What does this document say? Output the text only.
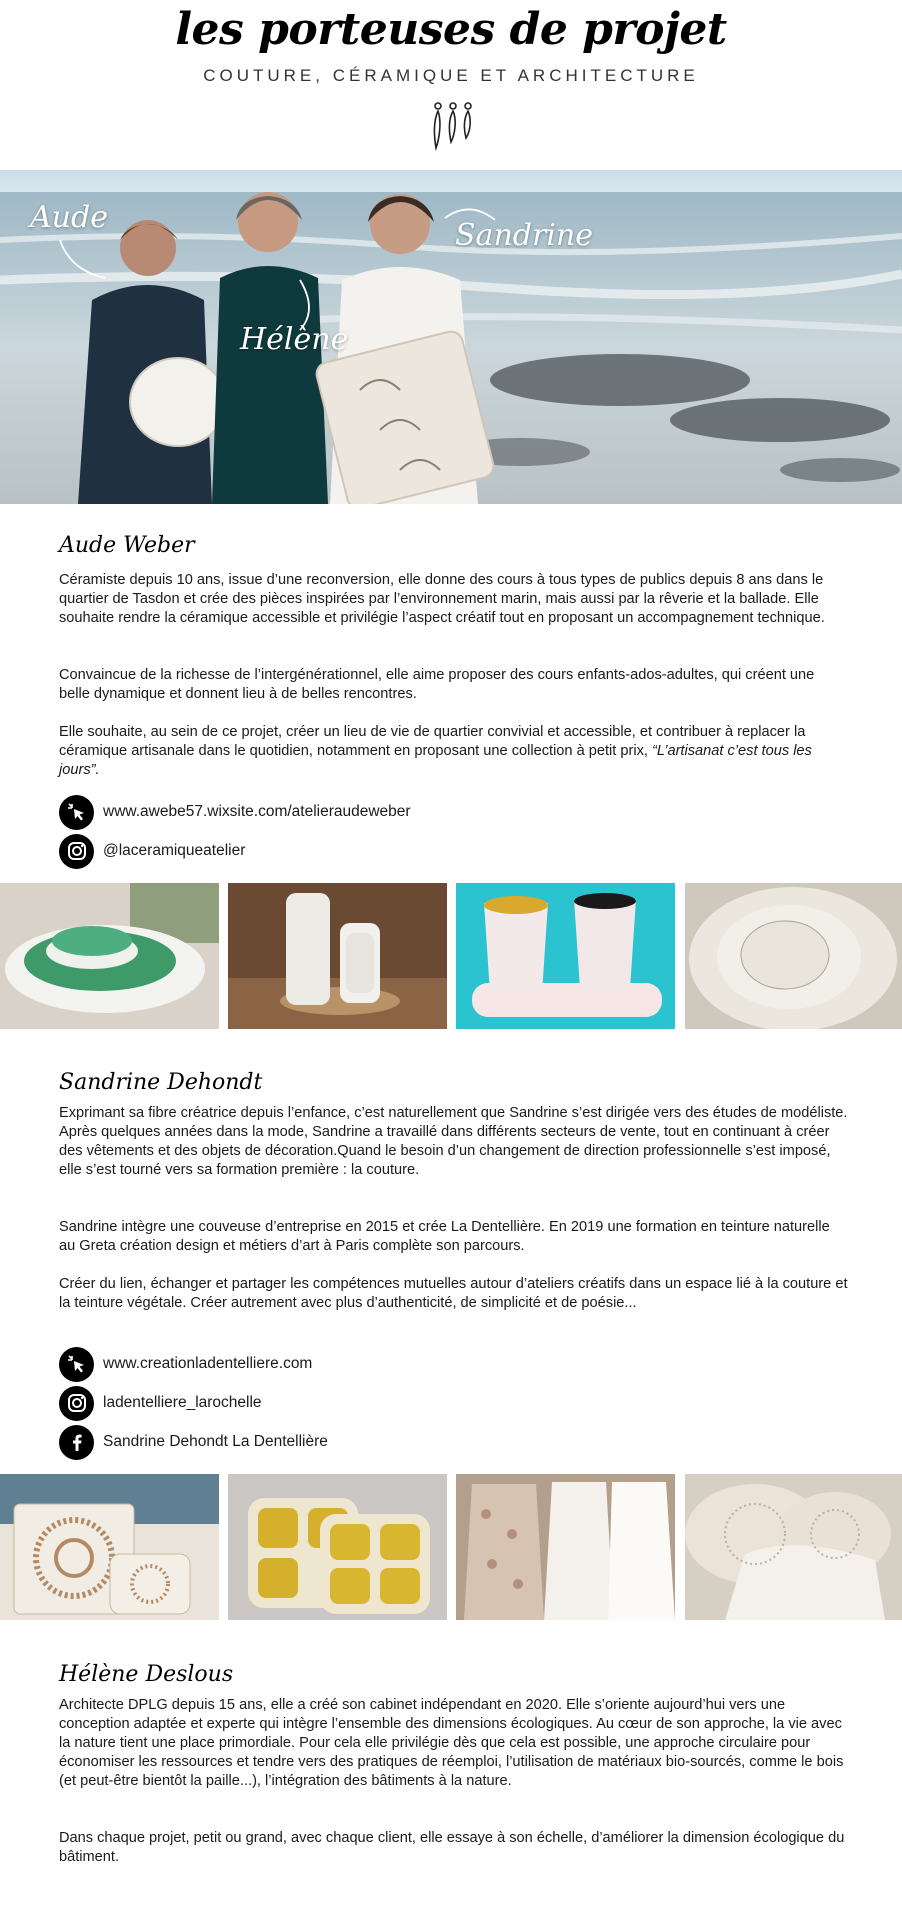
les porteuses de projet
COUTURE, CÉRAMIQUE ET ARCHITECTURE
Aude
Hélène
Sandrine
Aude Weber

Céramiste depuis 10 ans, issue d’une reconversion, elle donne des cours à tous types de publics depuis 8 ans dans le quartier de Tasdon et crée des pièces inspirées par l’environnement marin, mais aussi par la rêverie et la ballade. Elle souhaite rendre la céramique accessible et privilégie l’aspect créatif tout en proposant un accompagnement technique.

Convaincue de la richesse de l’intergénérationnel, elle aime proposer des cours enfants-ados-adultes, qui créent une belle dynamique et donnent lieu à de belles rencontres.

Elle souhaite, au sein de ce projet, créer un lieu de vie de quartier convivial et accessible, et contribuer à replacer la céramique artisanale dans le quotidien, notamment en proposant une collection à petit prix, “L’artisanat c’est tous les jours”.

www.awebe57.wixsite.com/atelieraudeweber
@laceramiqueatelier
Sandrine Dehondt

Exprimant sa fibre créatrice depuis l’enfance, c’est naturellement que Sandrine s’est dirigée vers des études de modéliste. Après quelques années dans la mode, Sandrine a travaillé dans différents secteurs de vente, tout en continuant à créer des vêtements et des objets de décoration.Quand le besoin d’un changement de direction professionnelle s’est imposé, elle s’est tourné vers sa formation première : la couture.

Sandrine intègre une couveuse d’entreprise en 2015 et crée La Dentellière. En 2019 une formation en teinture naturelle au Greta création design et métiers d’art à Paris complète son parcours.

Créer du lien, échanger et partager les compétences mutuelles autour d’ateliers créatifs dans un espace lié à la couture et la teinture végétale. Créer autrement avec plus d’authenticité, de simplicité et de poésie...

www.creationladentelliere.com
ladentelliere_larochelle
Sandrine Dehondt La Dentellière
Hélène Deslous

Architecte DPLG depuis 15 ans, elle a créé son cabinet indépendant en 2020. Elle s’oriente aujourd’hui vers une conception adaptée et experte qui intègre l’ensemble des dimensions écologiques. Au cœur de son approche, la vie avec la nature tient une place primordiale. Pour cela elle privilégie dès que cela est possible, une approche circulaire pour économiser les ressources et tendre vers des pratiques de réemploi, l’utilisation de matériaux bio-sourcés, comme le bois (et peut-être bientôt la paille...), l’intégration des bâtiments à la nature.

Dans chaque projet, petit ou grand, avec chaque client, elle essaye à son échelle, d’améliorer la dimension écologique du bâtiment.
